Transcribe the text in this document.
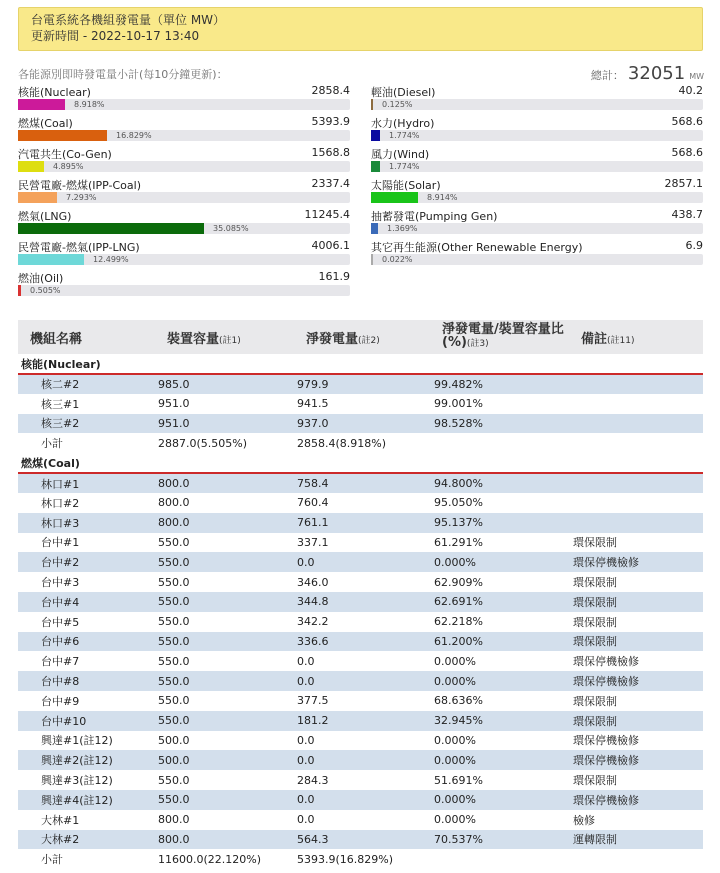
台電系統各機組發電量（單位 MW）
更新時間 - 2022-10-17 13:40
各能源別即時發電量小計(每10分鐘更新)：	總計： 32051 MW
核能(Nuclear)	2858.4
8.918%
燃煤(Coal)	5393.9
16.829%
汽電共生(Co-Gen)	1568.8
4.895%
民營電廠-燃煤(IPP-Coal)	2337.4
7.293%
燃氣(LNG)	11245.4
35.085%
民營電廠-燃氣(IPP-LNG)	4006.1
12.499%
燃油(Oil)	161.9
0.505%
輕油(Diesel)	40.2
0.125%
水力(Hydro)	568.6
1.774%
風力(Wind)	568.6
1.774%
太陽能(Solar)	2857.1
8.914%
抽蓄發電(Pumping Gen)	438.7
1.369%
其它再生能源(Other Renewable Energy)	6.9
0.022%
機組名稱	裝置容量(註1)	淨發電量(註2)	淨發電量/裝置容量比(%)(註3)	備註(註11)
核能(Nuclear)				
核二#2	985.0	979.9	99.482%	
核三#1	951.0	941.5	99.001%	
核三#2	951.0	937.0	98.528%	
小計	2887.0(5.505%)	2858.4(8.918%)		
燃煤(Coal)				
林口#1	800.0	758.4	94.800%	
林口#2	800.0	760.4	95.050%	
林口#3	800.0	761.1	95.137%	
台中#1	550.0	337.1	61.291%	環保限制
台中#2	550.0	0.0	0.000%	環保停機檢修
台中#3	550.0	346.0	62.909%	環保限制
台中#4	550.0	344.8	62.691%	環保限制
台中#5	550.0	342.2	62.218%	環保限制
台中#6	550.0	336.6	61.200%	環保限制
台中#7	550.0	0.0	0.000%	環保停機檢修
台中#8	550.0	0.0	0.000%	環保停機檢修
台中#9	550.0	377.5	68.636%	環保限制
台中#10	550.0	181.2	32.945%	環保限制
興達#1(註12)	500.0	0.0	0.000%	環保停機檢修
興達#2(註12)	500.0	0.0	0.000%	環保停機檢修
興達#3(註12)	550.0	284.3	51.691%	環保限制
興達#4(註12)	550.0	0.0	0.000%	環保停機檢修
大林#1	800.0	0.0	0.000%	檢修
大林#2	800.0	564.3	70.537%	運轉限制
小計	11600.0(22.120%)	5393.9(16.829%)		
